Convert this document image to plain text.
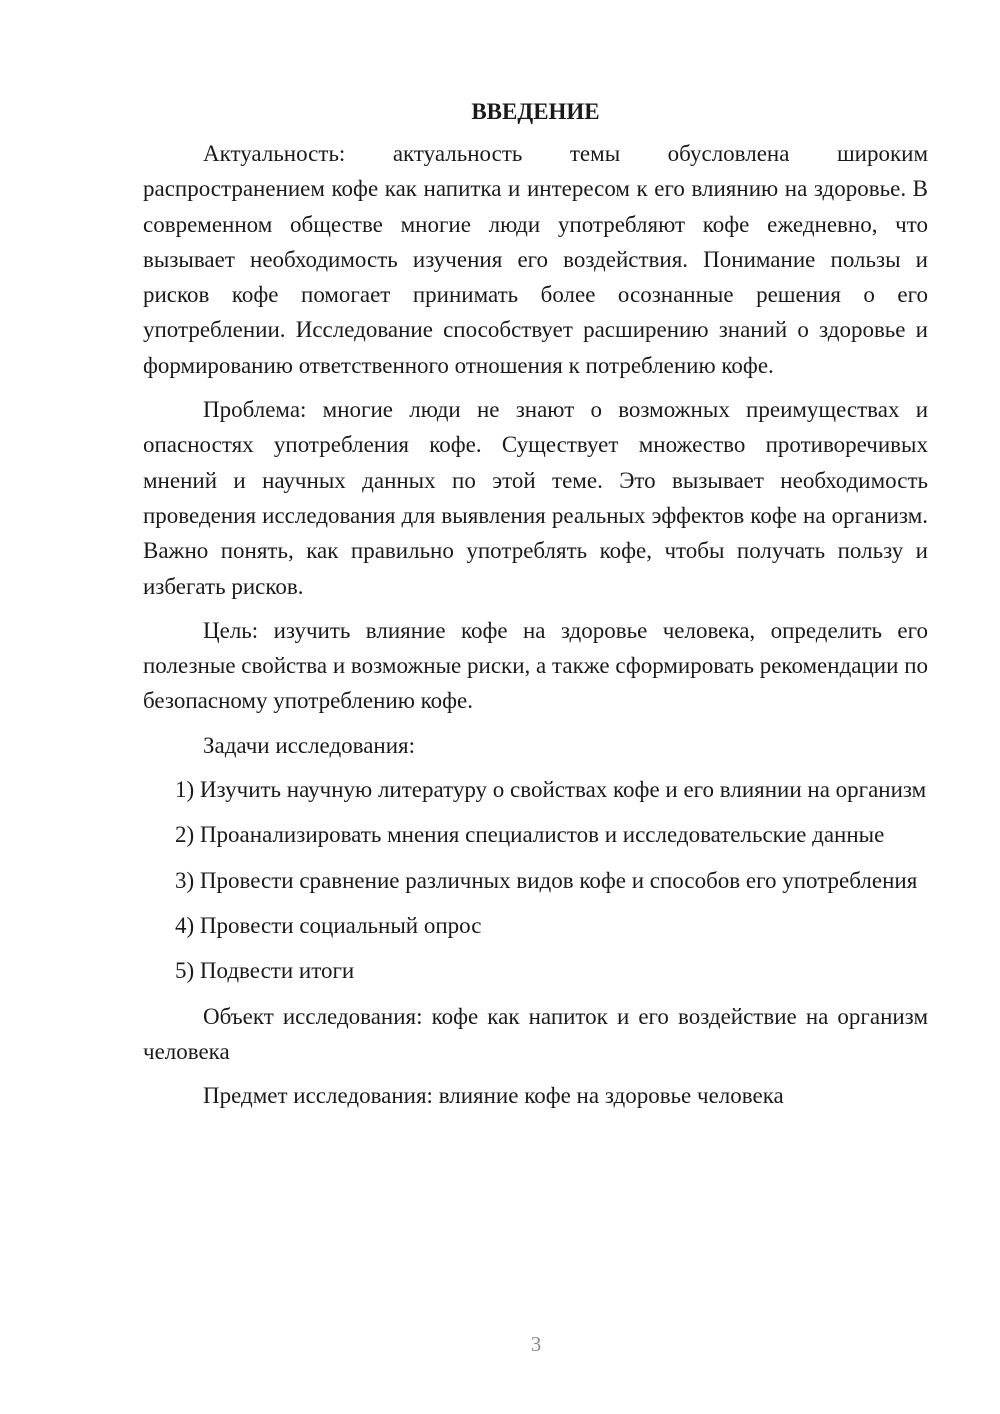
ВВЕДЕНИЕ

Актуальность: актуальность темы обусловлена широким распространением кофе как напитка и интересом к его влиянию на здоровье. В современном обществе многие люди употребляют кофе ежедневно, что вызывает необходимость изучения его воздействия. Понимание пользы и рисков кофе помогает принимать более осознанные решения о его употреблении. Исследование способствует расширению знаний о здоровье и формированию ответственного отношения к потреблению кофе.

Проблема: многие люди не знают о возможных преимуществах и опасностях употребления кофе. Существует множество противоречивых мнений и научных данных по этой теме. Это вызывает необходимость проведения исследования для выявления реальных эффектов кофе на организм. Важно понять, как правильно употреблять кофе, чтобы получать пользу и избегать рисков.

Цель: изучить влияние кофе на здоровье человека, определить его полезные свойства и возможные риски, а также сформировать рекомендации по безопасному употреблению кофе.

Задачи исследования:

1) Изучить научную литературу о свойствах кофе и его влиянии на организм

2) Проанализировать мнения специалистов и исследовательские данные

3) Провести сравнение различных видов кофе и способов его употребления

4) Провести социальный опрос

5) Подвести итоги

Объект исследования: кофе как напиток и его воздействие на организм человека

Предмет исследования: влияние кофе на здоровье человека

3
